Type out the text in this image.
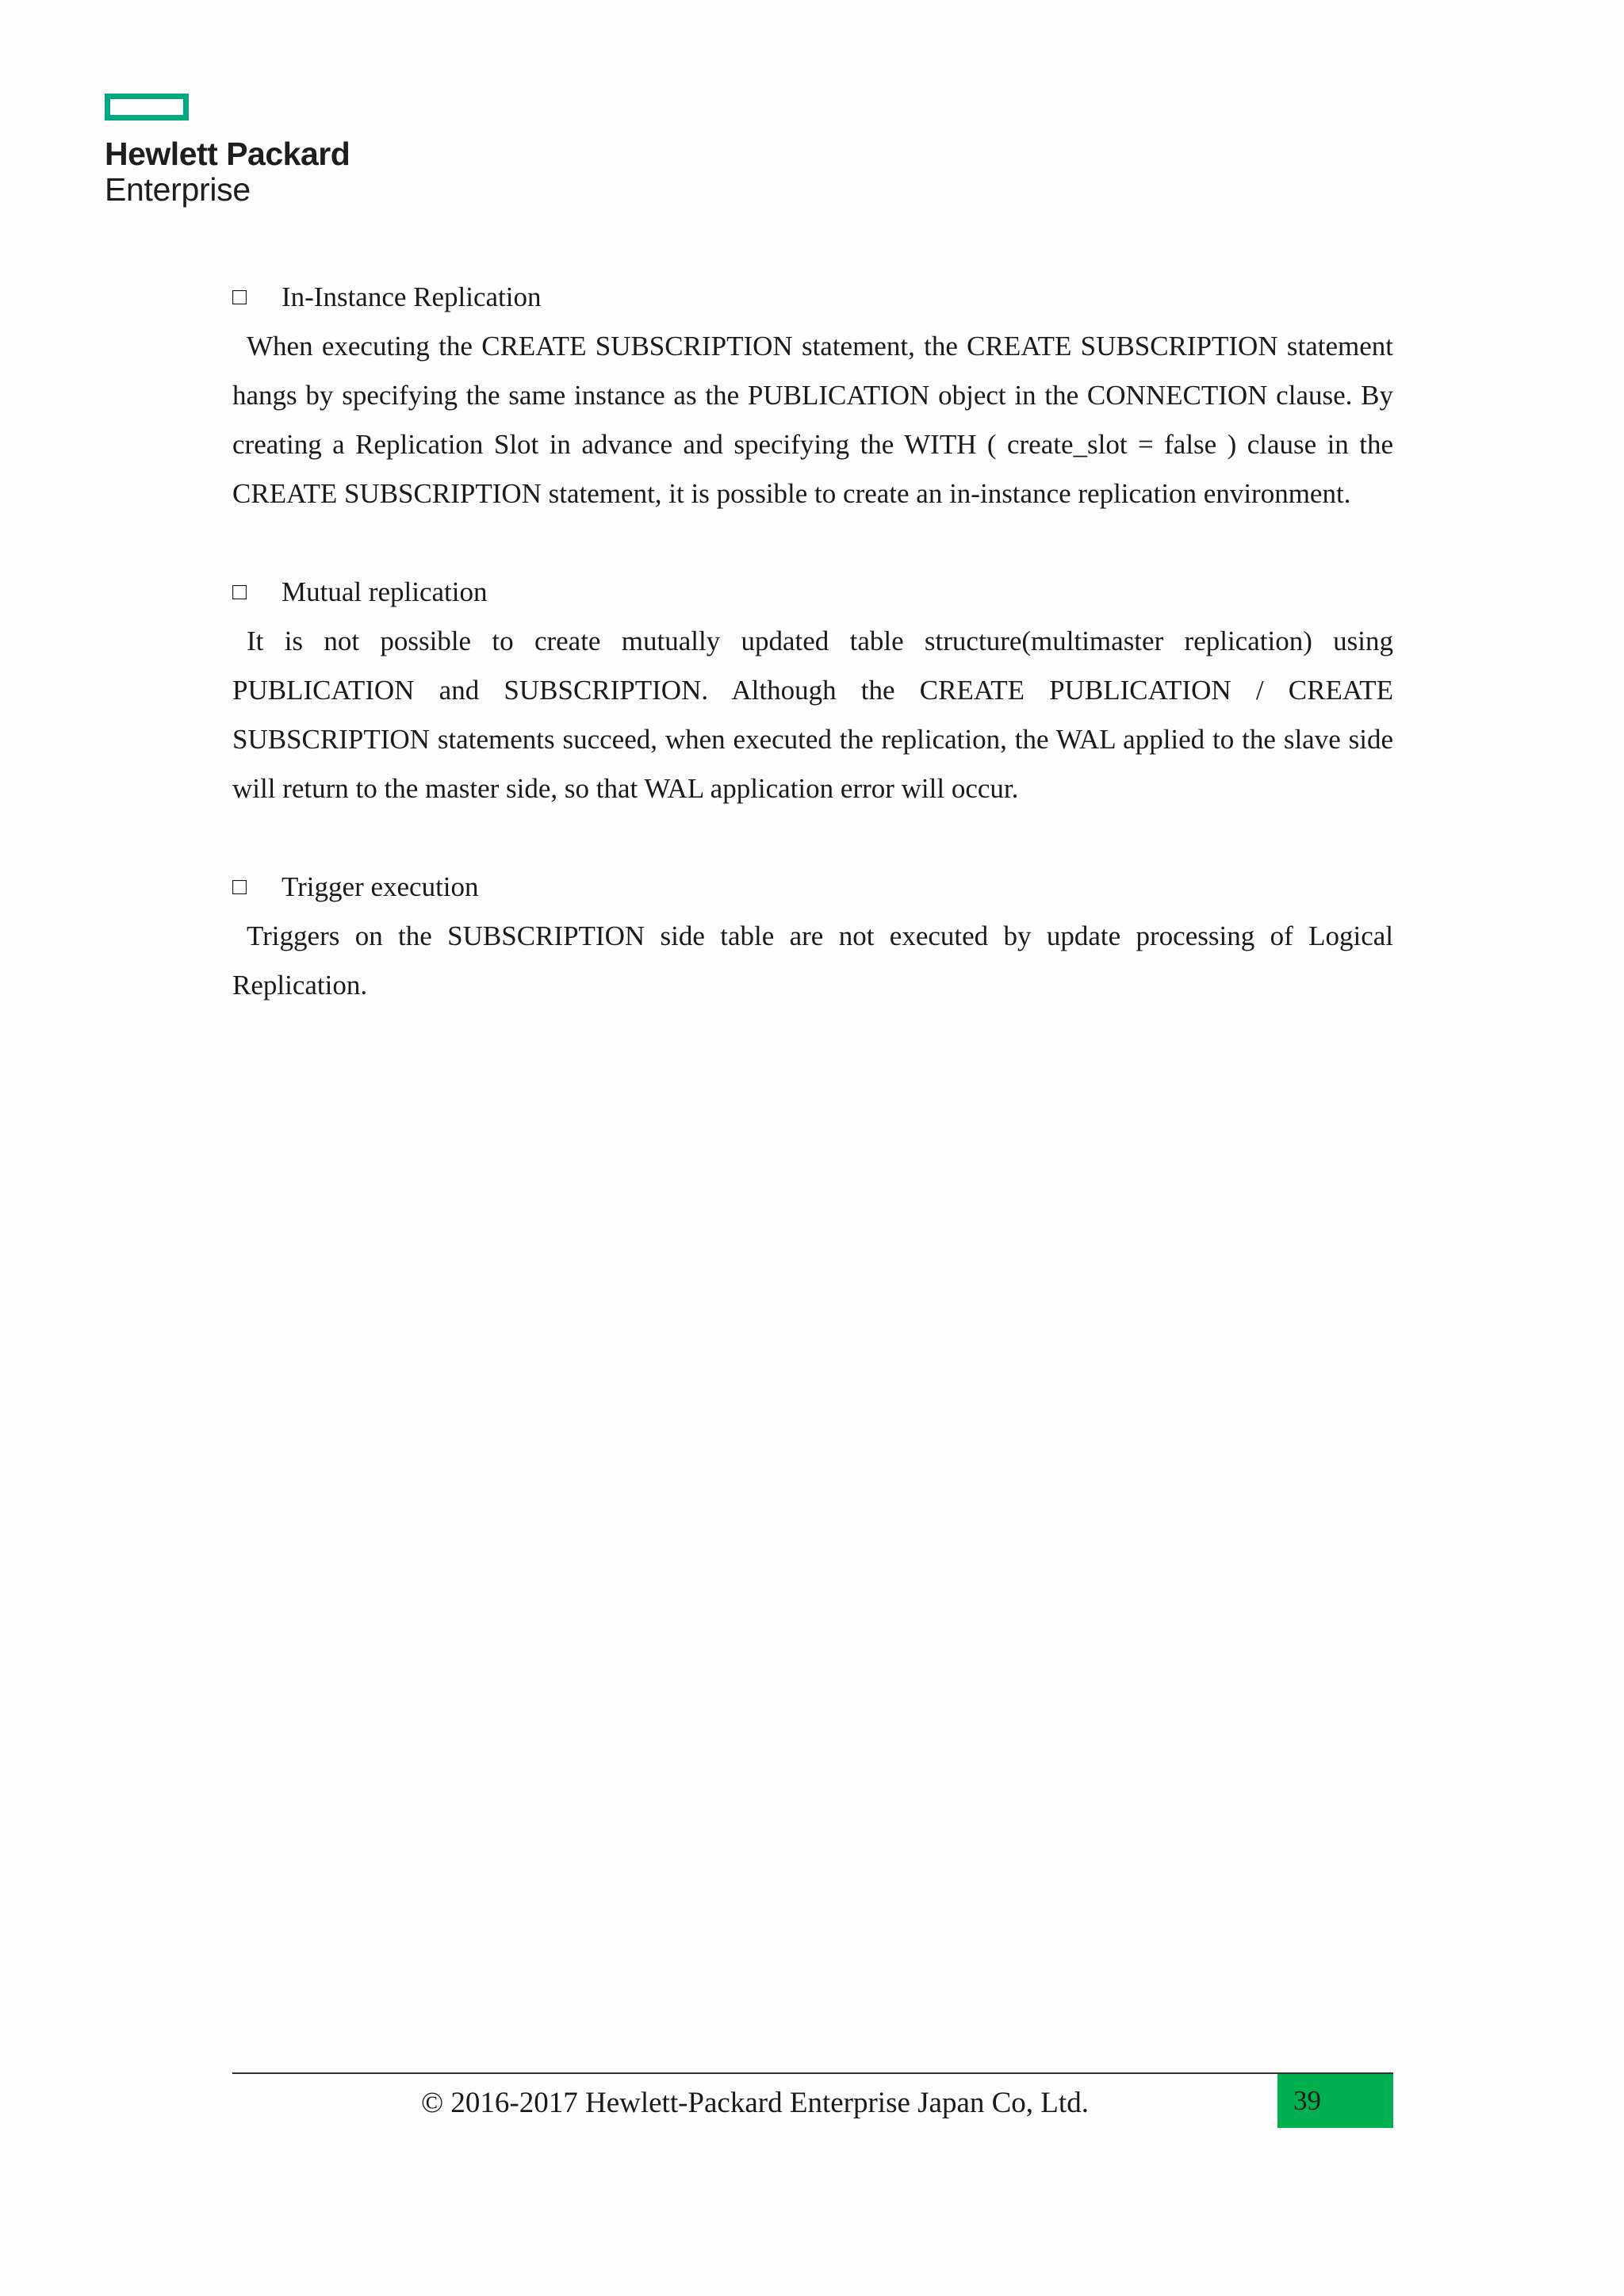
Hewlett Packard
Enterprise
□	In-Instance Replication

When executing the CREATE SUBSCRIPTION statement, the CREATE SUBSCRIPTION statement hangs by specifying the same instance as the PUBLICATION object in the CONNECTION clause. By creating a Replication Slot in advance and specifying the WITH ( create_slot = false ) clause in the CREATE SUBSCRIPTION statement, it is possible to create an in-instance replication environment.

□	Mutual replication

It is not possible to create mutually updated table structure(multimaster replication) using PUBLICATION and SUBSCRIPTION. Although the CREATE PUBLICATION / CREATE SUBSCRIPTION statements succeed, when executed the replication, the WAL applied to the slave side will return to the master side, so that WAL application error will occur.

□	Trigger execution

Triggers on the SUBSCRIPTION side table are not executed by update processing of Logical Replication.

© 2016-2017 Hewlett-Packard Enterprise Japan Co, Ltd.	39
